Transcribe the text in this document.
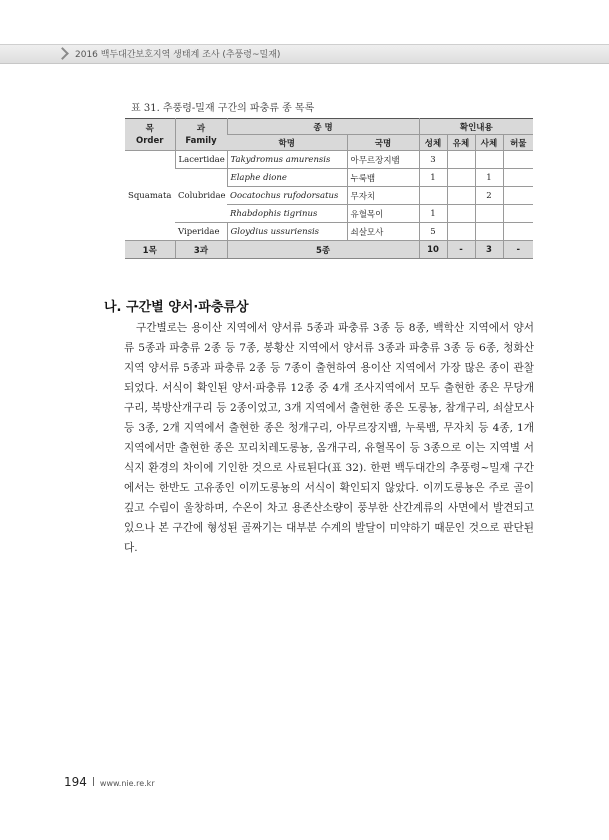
2016 백두대간보호지역 생태계 조사 (추풍령~밀재)
표 31. 추풍령-밀재 구간의 파충류 종 목록
목
Order	과
Family	종 명		확인내용			
		학명	국명	성체	유체	사체	허물
Squamata	Lacertidae	Takydromus amurensis	아무르장지뱀	3			
	Colubridae	Elaphe dione	누룩뱀	1		1	
		Oocatochus rufodorsatus	무자치			2	
		Rhabdophis tigrinus	유혈목이	1			
	Viperidae	Gloydius ussuriensis	쇠살모사	5			
1목	3과	5종		10	-	3	-
나. 구간별 양서·파충류상

구간별로는 용이산 지역에서 양서류 5종과 파충류 3종 등 8종, 백학산 지역에서 양서류 5종과 파충류 2종 등 7종, 봉황산 지역에서 양서류 3종과 파충류 3종 등 6종, 청화산 지역 양서류 5종과 파충류 2종 등 7종이 출현하여 용이산 지역에서 가장 많은 종이 관찰되었다. 서식이 확인된 양서·파충류 12종 중 4개 조사지역에서 모두 출현한 종은 무당개구리, 북방산개구리 등 2종이었고, 3개 지역에서 출현한 종은 도롱뇽, 참개구리, 쇠살모사 등 3종, 2개 지역에서 출현한 종은 청개구리, 아무르장지뱀, 누룩뱀, 무자치 등 4종, 1개 지역에서만 출현한 종은 꼬리치레도롱뇽, 옴개구리, 유혈목이 등 3종으로 이는 지역별 서식지 환경의 차이에 기인한 것으로 사료된다(표 32). 한편 백두대간의 추풍령~밀재 구간에서는 한반도 고유종인 이끼도롱뇽의 서식이 확인되지 않았다. 이끼도롱뇽은 주로 골이 깊고 수림이 울창하며, 수온이 차고 용존산소량이 풍부한 산간계류의 사면에서 발견되고 있으나 본 구간에 형성된 골짜기는 대부분 수계의 발달이 미약하기 때문인 것으로 판단된다.

194 www.nie.re.kr
